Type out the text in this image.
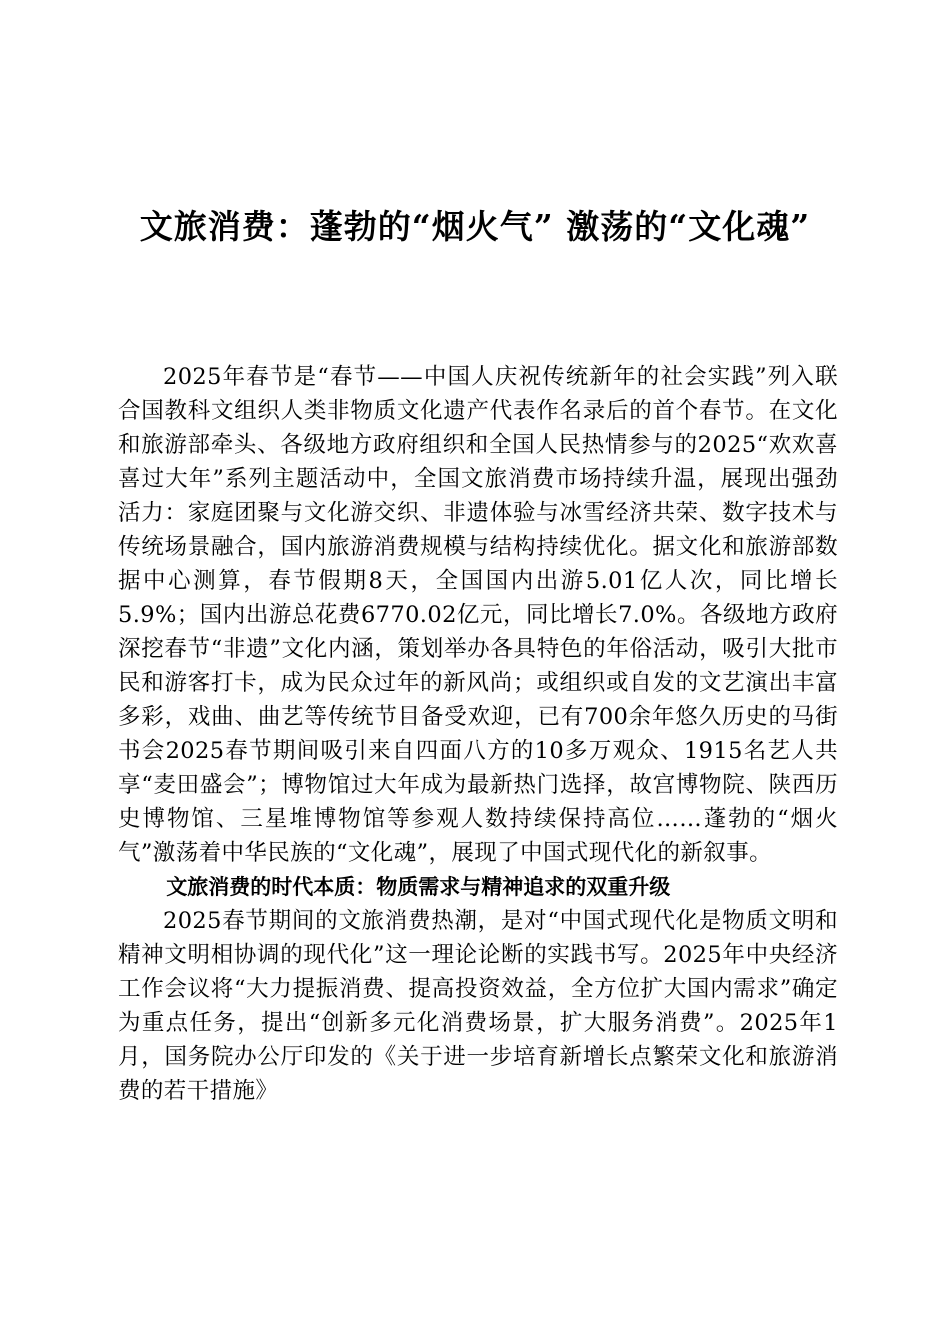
文旅消费：蓬勃的“烟火气” 激荡的“文化魂”

2025年春节是“春节——中国人庆祝传统新年的社会实践”列入联合国教科文组织人类非物质文化遗产代表作名录后的首个春节。在文化和旅游部牵头、各级地方政府组织和全国人民热情参与的2025“欢欢喜喜过大年”系列主题活动中，全国文旅消费市场持续升温，展现出强劲活力：家庭团聚与文化游交织、非遗体验与冰雪经济共荣、数字技术与传统场景融合，国内旅游消费规模与结构持续优化。据文化和旅游部数据中心测算，春节假期8天，全国国内出游5.01亿人次，同比增长5.9%；国内出游总花费6770.02亿元，同比增长7.0%。各级地方政府深挖春节“非遗”文化内涵，策划举办各具特色的年俗活动，吸引大批市民和游客打卡，成为民众过年的新风尚；或组织或自发的文艺演出丰富多彩，戏曲、曲艺等传统节目备受欢迎，已有700余年悠久历史的马街书会2025春节期间吸引来自四面八方的10多万观众、1915名艺人共享“麦田盛会”；博物馆过大年成为最新热门选择，故宫博物院、陕西历史博物馆、三星堆博物馆等参观人数持续保持高位……蓬勃的“烟火气”激荡着中华民族的“文化魂”，展现了中国式现代化的新叙事。

文旅消费的时代本质：物质需求与精神追求的双重升级

2025春节期间的文旅消费热潮，是对“中国式现代化是物质文明和精神文明相协调的现代化”这一理论论断的实践书写。2025年中央经济工作会议将“大力提振消费、提高投资效益，全方位扩大国内需求”确定为重点任务，提出“创新多元化消费场景，扩大服务消费”。2025年1月，国务院办公厅印发的《关于进一步培育新增长点繁荣文化和旅游消费的若干措施》
